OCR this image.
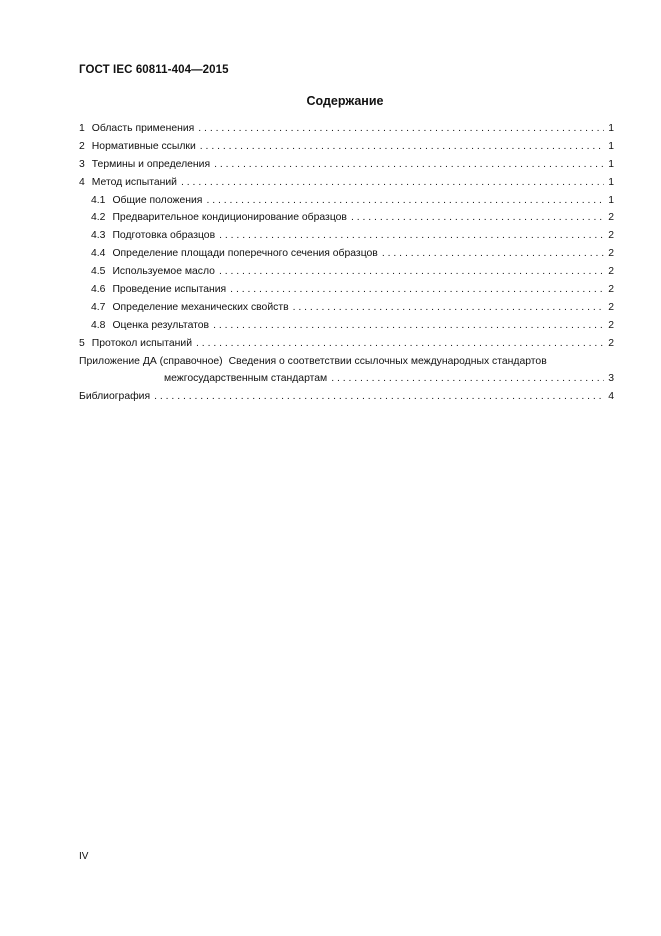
ГОСТ IEC 60811-404—2015
Содержание
1 Область применения . . .	1
2 Нормативные ссылки . . .	1
3 Термины и определения . . .	1
4 Метод испытаний . . .	1
4.1 Общие положения . . .	1
4.2 Предварительное кондиционирование образцов . . .	2
4.3 Подготовка образцов . . .	2
4.4 Определение площади поперечного сечения образцов . . .	2
4.5 Используемое масло . . .	2
4.6 Проведение испытания . . .	2
4.7 Определение механических свойств . . .	2
4.8 Оценка результатов . . .	2
5 Протокол испытаний . . .	2
Приложение ДА (справочное) Сведения о соответствии ссылочных международных стандартов
межгосударственным стандартам . . .	3
Библиография . . .	4
IV
